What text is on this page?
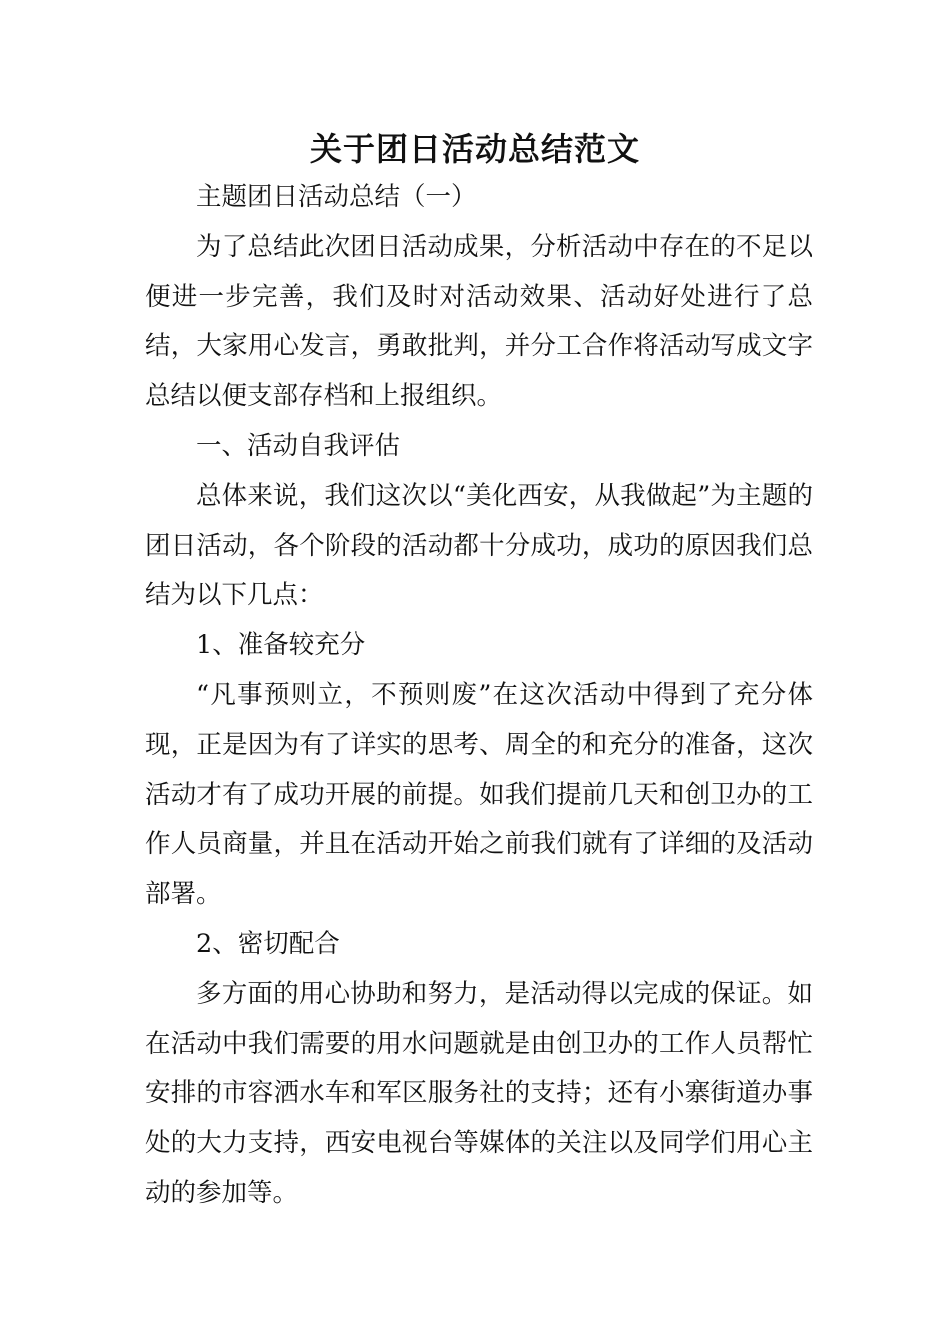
关于团日活动总结范文

主题团日活动总结（一）

为了总结此次团日活动成果，分析活动中存在的不足以便进一步完善，我们及时对活动效果、活动好处进行了总结，大家用心发言，勇敢批判，并分工合作将活动写成文字总结以便支部存档和上报组织。

一、活动自我评估

总体来说，我们这次以“美化西安，从我做起”为主题的团日活动，各个阶段的活动都十分成功，成功的原因我们总结为以下几点：

1、准备较充分

“凡事预则立，不预则废”在这次活动中得到了充分体现，正是因为有了详实的思考、周全的和充分的准备，这次活动才有了成功开展的前提。如我们提前几天和创卫办的工作人员商量，并且在活动开始之前我们就有了详细的及活动部署。

2、密切配合

多方面的用心协助和努力，是活动得以完成的保证。如在活动中我们需要的用水问题就是由创卫办的工作人员帮忙安排的市容洒水车和军区服务社的支持；还有小寨街道办事处的大力支持，西安电视台等媒体的关注以及同学们用心主动的参加等。
